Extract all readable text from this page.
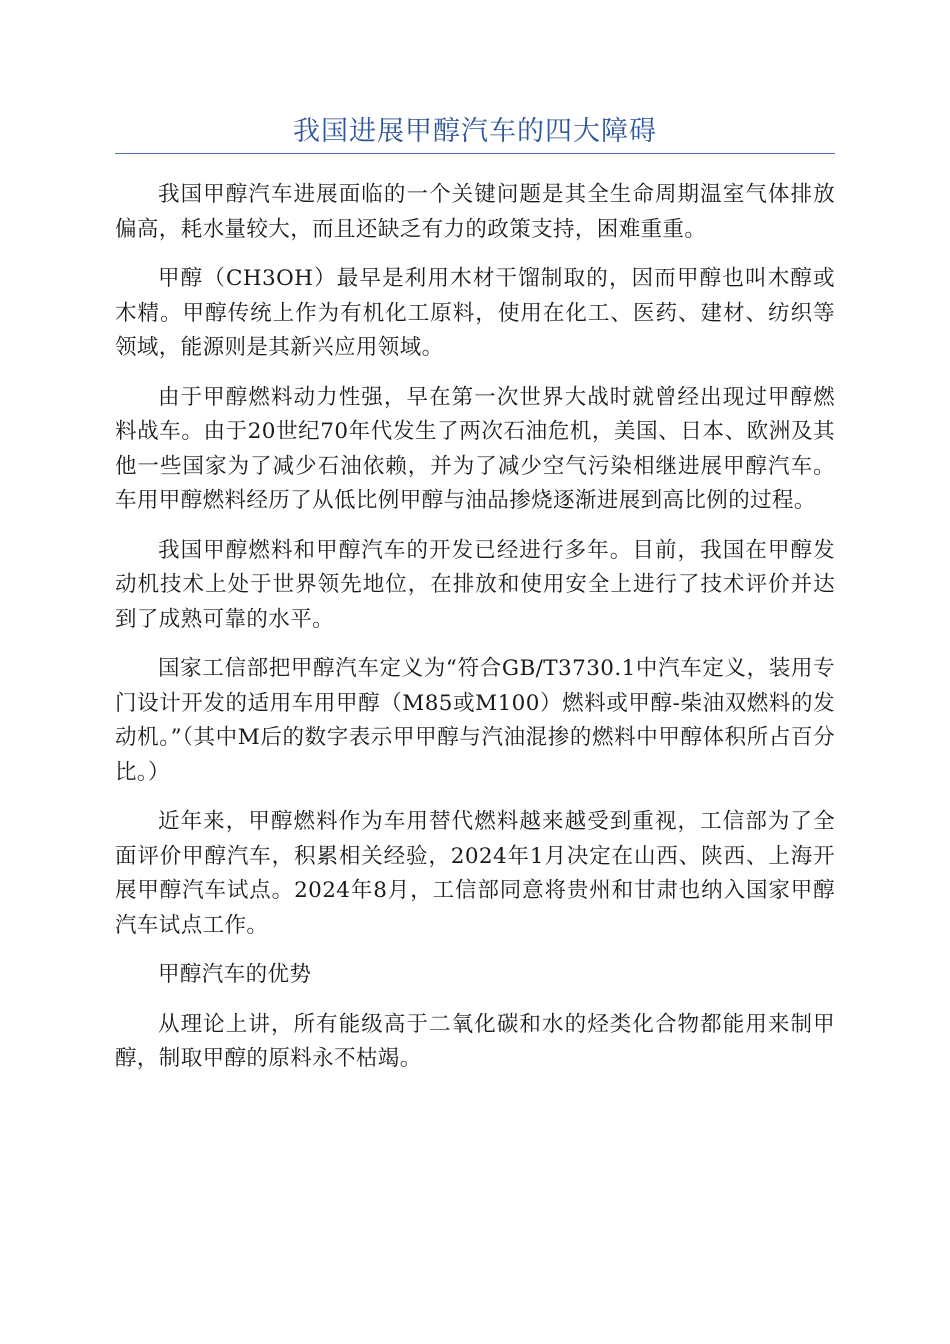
我国进展甲醇汽车的四大障碍

我国甲醇汽车进展面临的一个关键问题是其全生命周期温室气体排放偏高，耗水量较大，而且还缺乏有力的政策支持，困难重重。

甲醇（CH3OH）最早是利用木材干馏制取的，因而甲醇也叫木醇或木精。甲醇传统上作为有机化工原料，使用在化工、医药、建材、纺织等领域，能源则是其新兴应用领域。

由于甲醇燃料动力性强，早在第一次世界大战时就曾经出现过甲醇燃料战车。由于20世纪70年代发生了两次石油危机，美国、日本、欧洲及其他一些国家为了减少石油依赖，并为了减少空气污染相继进展甲醇汽车。车用甲醇燃料经历了从低比例甲醇与油品掺烧逐渐进展到高比例的过程。

我国甲醇燃料和甲醇汽车的开发已经进行多年。目前，我国在甲醇发动机技术上处于世界领先地位，在排放和使用安全上进行了技术评价并达到了成熟可靠的水平。

国家工信部把甲醇汽车定义为“符合GB/T3730.1中汽车定义，装用专门设计开发的适用车用甲醇（M85或M100）燃料或甲醇-柴油双燃料的发动机。”（其中M后的数字表示甲甲醇与汽油混掺的燃料中甲醇体积所占百分比。）

近年来，甲醇燃料作为车用替代燃料越来越受到重视，工信部为了全面评价甲醇汽车，积累相关经验，2024年1月决定在山西、陕西、上海开展甲醇汽车试点。2024年8月，工信部同意将贵州和甘肃也纳入国家甲醇汽车试点工作。

甲醇汽车的优势

从理论上讲，所有能级高于二氧化碳和水的烃类化合物都能用来制甲醇，制取甲醇的原料永不枯竭。
